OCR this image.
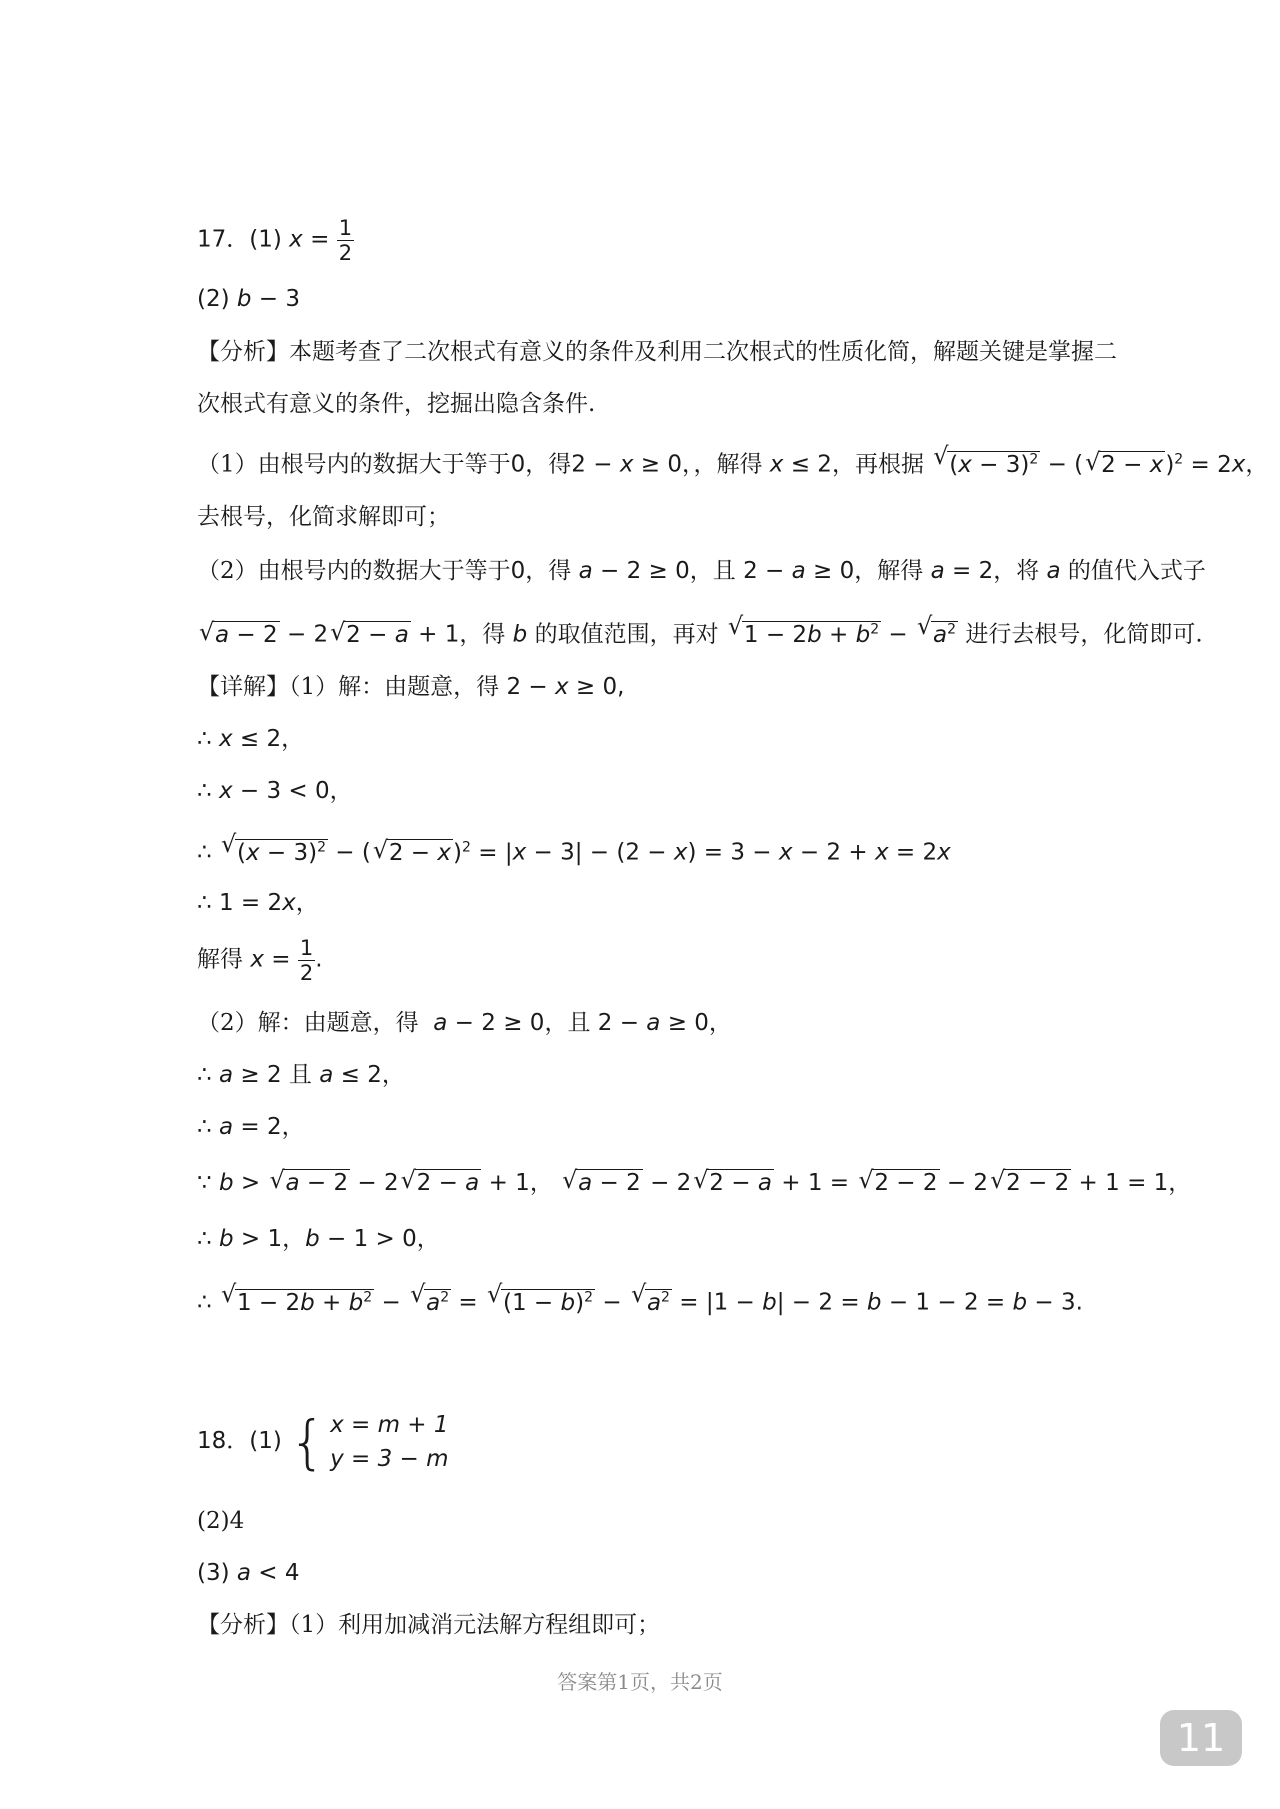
17．(1) $x = \frac{1}{2}$
(2) b − 3
【分析】本题考查了二次根式有意义的条件及利用二次根式的性质化简，解题关键是掌握二
次根式有意义的条件，挖掘出隐含条件.
（1）由根号内的数据大于等于0，得2 − x ≥ 0，，解得 x ≤ 2，再根据 √ $(x - 3)^2$ − ( √ 2 − x)$^2$ = 2x，
去根号，化简求解即可；
（2）由根号内的数据大于等于0，得 a − 2 ≥ 0，且 2 − a ≥ 0，解得 a = 2，将 a 的值代入式子
√ a − 2 − 2 √ 2 − a + 1，得 b 的取值范围，再对 √ $1 - 2b + b^2$ − √ $a^2$ 进行去根号，化简即可.
【详解】（1）解：由题意，得 2 − x ≥ 0,
∴ x ≤ 2，
∴ x − 3 < 0，
∴ √ $(x - 3)^2$ − ( √ 2 − x)$^2$ = |x − 3| − (2 − x) = 3 − x − 2 + x = 2x
∴ 1 = 2x，
解得 $x = \frac{1}{2}$ .
（2）解：由题意，得  a − 2 ≥ 0，且 2 − a ≥ 0，
∴ a ≥ 2 且 a ≤ 2，
∴ a = 2，
∵ b > √ a − 2 − 2 √ 2 − a + 1， √ a − 2 − 2 √ 2 − a + 1 = √ 2 − 2 − 2 √ 2 − 2 + 1 = 1，
∴ b > 1，b − 1 > 0，
∴ √ $1 - 2b + b^2$ − √ $a^2$ = √ $(1 - b)^2$ − √ $a^2 = |1 - b| - 2 = b - 1 - 2 = b - 3$.
18．(1) { x = m + 1
y = 3 − m
(2)4
(3) a < 4
【分析】（1）利用加减消元法解方程组即可；
答案第1页，共2页
11
